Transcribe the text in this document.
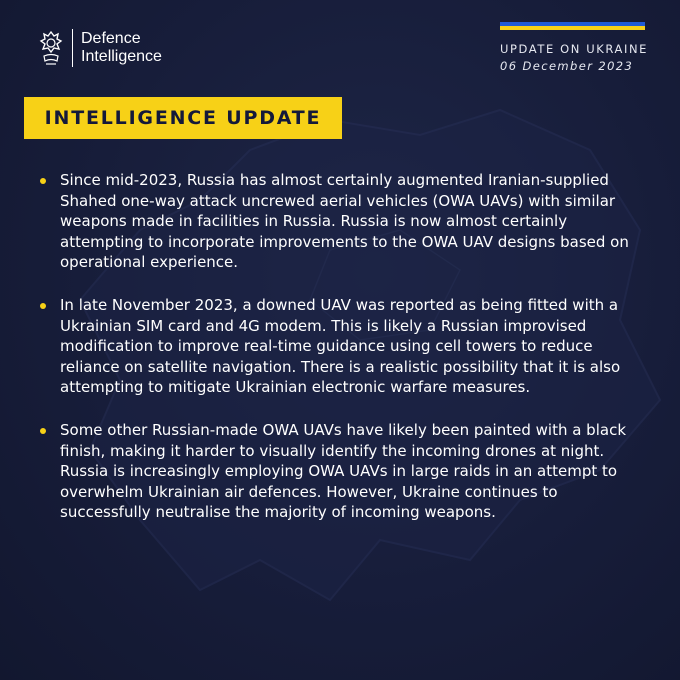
Defence
Intelligence	UPDATE ON UKRAINE
06 December 2023
INTELLIGENCE UPDATE
Since mid-2023, Russia has almost certainly augmented Iranian-supplied Shahed one-way attack uncrewed aerial vehicles (OWA UAVs) with similar weapons made in facilities in Russia. Russia is now almost certainly attempting to incorporate improvements to the OWA UAV designs based on operational experience.
In late November 2023, a downed UAV was reported as being fitted with a Ukrainian SIM card and 4G modem. This is likely a Russian improvised modification to improve real-time guidance using cell towers to reduce reliance on satellite navigation. There is a realistic possibility that it is also attempting to mitigate Ukrainian electronic warfare measures.
Some other Russian-made OWA UAVs have likely been painted with a black finish, making it harder to visually identify the incoming drones at night. Russia is increasingly employing OWA UAVs in large raids in an attempt to overwhelm Ukrainian air defences. However, Ukraine continues to successfully neutralise the majority of incoming weapons.
